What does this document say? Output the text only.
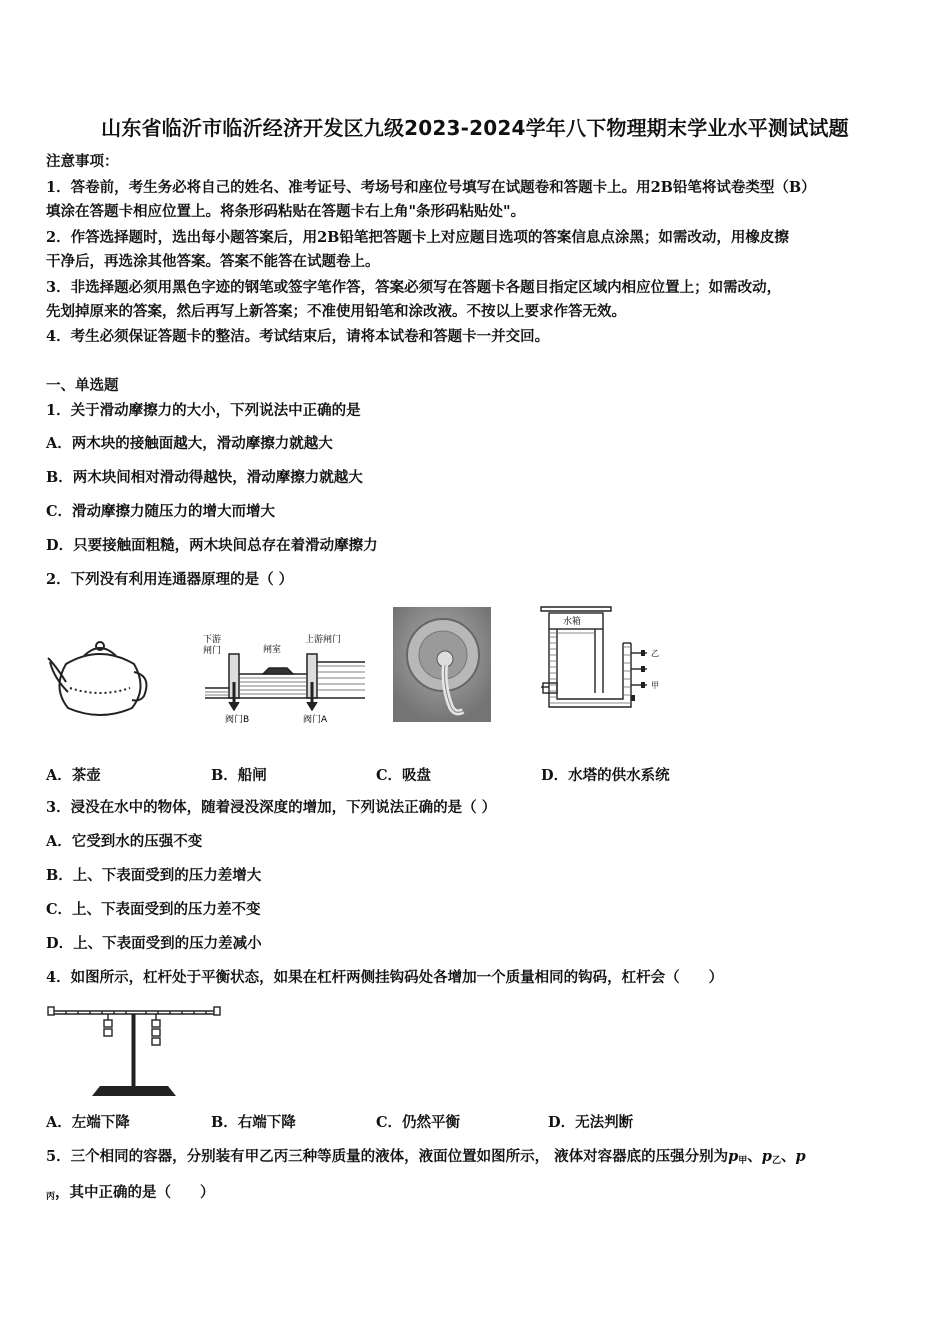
山东省临沂市临沂经济开发区九级2023-2024学年八下物理期末学业水平测试试题
注意事项：
1．答卷前，考生务必将自己的姓名、准考证号、考场号和座位号填写在试题卷和答题卡上。用2B铅笔将试卷类型（B）
填涂在答题卡相应位置上。将条形码粘贴在答题卡右上角"条形码粘贴处"。
2．作答选择题时，选出每小题答案后，用2B铅笔把答题卡上对应题目选项的答案信息点涂黑；如需改动，用橡皮擦
干净后，再选涂其他答案。答案不能答在试题卷上。
3．非选择题必须用黑色字迹的钢笔或签字笔作答，答案必须写在答题卡各题目指定区域内相应位置上；如需改动，
先划掉原来的答案，然后再写上新答案；不准使用铅笔和涂改液。不按以上要求作答无效。
4．考生必须保证答题卡的整洁。考试结束后，请将本试卷和答题卡一并交回。
一、单选题
1．关于滑动摩擦力的大小，下列说法中正确的是
A．两木块的接触面越大，滑动摩擦力就越大
B．两木块间相对滑动得越快，滑动摩擦力就越大
C．滑动摩擦力随压力的增大而增大
D．只要接触面粗糙，两木块间总存在着滑动摩擦力
2．下列没有利用连通器原理的是（ ）
下游
闸门	闸室
上游闸门
阀门B	阀门A
水箱
乙
甲
A．茶壶	B．船闸	C．吸盘	D．水塔的供水系统
3．浸没在水中的物体，随着浸没深度的增加，下列说法正确的是（ ）
A．它受到水的压强不变
B．上、下表面受到的压力差增大
C．上、下表面受到的压力差不变
D．上、下表面受到的压力差减小
4．如图所示，杠杆处于平衡状态，如果在杠杆两侧挂钩码处各增加一个质量相同的钩码，杠杆会（　　）
A．左端下降	B．右端下降	C．仍然平衡	D．无法判断
5．三个相同的容器，分别装有甲乙丙三种等质量的液体，液面位置如图所示， 液体对容器底的压强分别为$p_甲$、$p_乙$、p
$_丙$，其中正确的是（　　）
